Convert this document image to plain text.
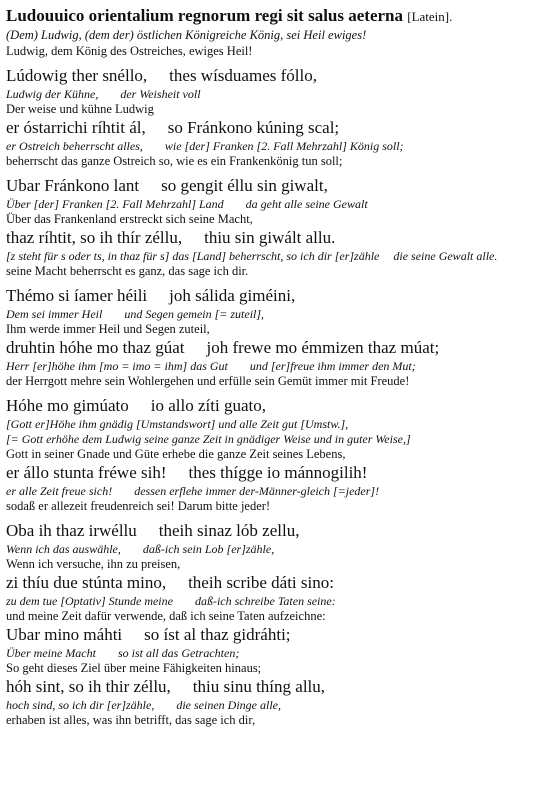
Ludouuico orientalium regnorum regi sit salus aeterna [Latein].
(Dem) Ludwig, (dem der) östlichen Königreiche König, sei Heil ewiges!
Ludwig, dem König des Ostreiches, ewiges Heil!
Lúdowig ther snéllo, thes wísduames fóllo,
Ludwig der Kühne, der Weisheit voll
Der weise und kühne Ludwig
er óstarrichi ríhtit ál, so Fránkono kúning scal;
er Ostreich beherrscht alles, wie [der] Franken [2. Fall Mehrzahl] König soll;
beherrscht das ganze Ostreich so, wie es ein Frankenkönig tun soll;
Ubar Fránkono lant so gengit éllu sin giwalt,
Über [der] Franken [2. Fall Mehrzahl] Land da geht alle seine Gewalt
Über das Frankenland erstreckt sich seine Macht,
thaz ríhtit, so ih thír zéllu, thiu sin giwált allu.
[z steht für s oder ts, in thaz für s] das [Land] beherrscht, so ich dir [er]zähle die seine Gewalt alle.
seine Macht beherrscht es ganz, das sage ich dir.
Thémo si íamer héili joh sálida giméini,
Dem sei immer Heil und Segen gemein [= zuteil],
Ihm werde immer Heil und Segen zuteil,
druhtin hóhe mo thaz gúat joh frewe mo émmizen thaz múat;
Herr [er]höhe ihm [mo = imo = ihm] das Gut und [er]freue ihm immer den Mut;
der Herrgott mehre sein Wohlergehen und erfülle sein Gemüt immer mit Freude!
Hóhe mo gimúato io allo zíti guato,
[Gott er]Höhe ihm gnädig [Umstandswort] und alle Zeit gut [Umstw.],
[= Gott erhöhe dem Ludwig seine ganze Zeit in gnädiger Weise und in guter Weise,]
Gott in seiner Gnade und Güte erhebe die ganze Zeit seines Lebens,
er állo stunta fréwe sih! thes thígge io mánnogilih!
er alle Zeit freue sich! dessen erflehe immer der-Männer-gleich [=jeder]!
sodaß er allezeit freudenreich sei! Darum bitte jeder!
Oba ih thaz irwéllu theih sinaz lób zellu,
Wenn ich das auswähle, daß-ich sein Lob [er]zähle,
Wenn ich versuche, ihn zu preisen,
zi thíu due stúnta mino, theih scribe dáti sino:
zu dem tue [Optativ] Stunde meine daß-ich schreibe Taten seine:
und meine Zeit dafür verwende, daß ich seine Taten aufzeichne:
Ubar mino máhti so íst al thaz gidráhti;
Über meine Macht so ist all das Getrachten;
So geht dieses Ziel über meine Fähigkeiten hinaus;
hóh sint, so ih thir zéllu, thiu sinu thíng allu,
hoch sind, so ich dir [er]zähle, die seinen Dinge alle,
erhaben ist alles, was ihn betrifft, das sage ich dir,
